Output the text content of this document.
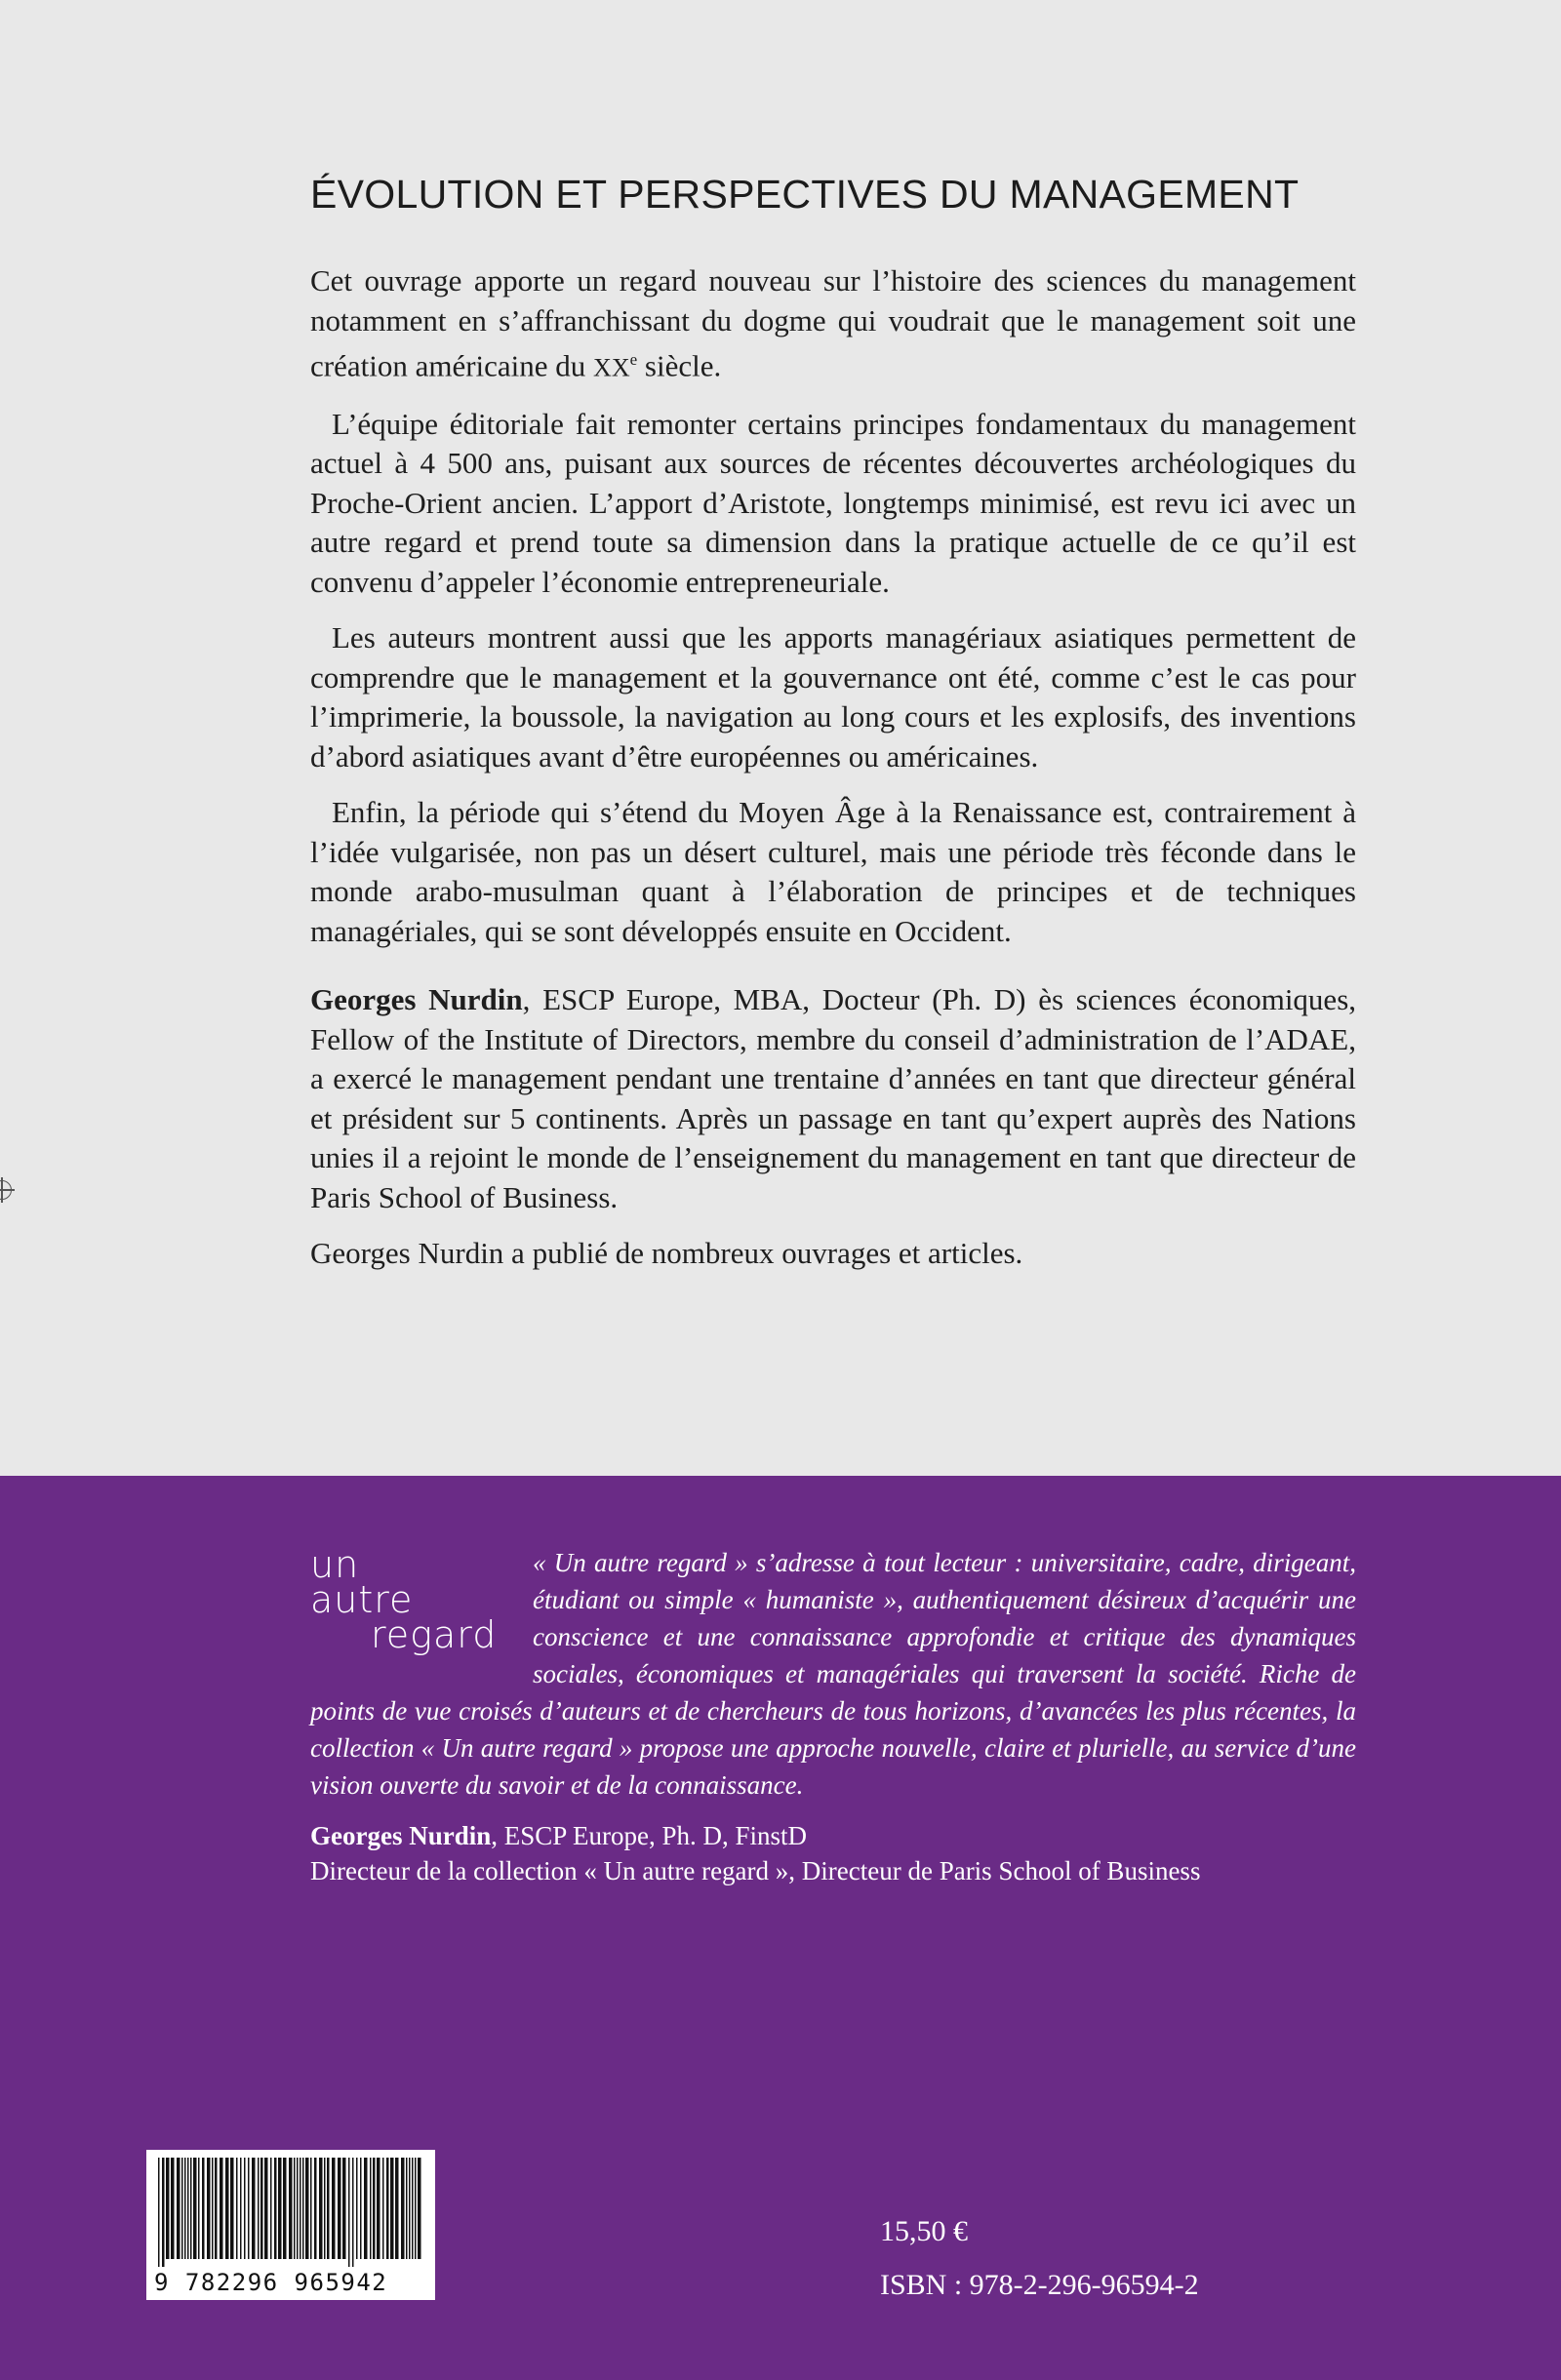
ÉVOLUTION ET PERSPECTIVES DU MANAGEMENT

Cet ouvrage apporte un regard nouveau sur l’histoire des sciences du management notamment en s’affranchissant du dogme qui voudrait que le management soit une création américaine du XXe siècle.

L’équipe éditoriale fait remonter certains principes fondamentaux du management actuel à 4 500 ans, puisant aux sources de récentes découvertes archéologiques du Proche-Orient ancien. L’apport d’Aristote, longtemps minimisé, est revu ici avec un autre regard et prend toute sa dimension dans la pratique actuelle de ce qu’il est convenu d’appeler l’économie entrepreneuriale.

Les auteurs montrent aussi que les apports managériaux asiatiques permettent de comprendre que le management et la gouvernance ont été, comme c’est le cas pour l’imprimerie, la boussole, la navigation au long cours et les explosifs, des inventions d’abord asiatiques avant d’être européennes ou américaines.

Enfin, la période qui s’étend du Moyen Âge à la Renaissance est, contrairement à l’idée vulgarisée, non pas un désert culturel, mais une période très féconde dans le monde arabo-musulman quant à l’élaboration de principes et de techniques managériales, qui se sont développés ensuite en Occident.

Georges Nurdin, ESCP Europe, MBA, Docteur (Ph. D) ès sciences économiques, Fellow of the Institute of Directors, membre du conseil d’administration de l’ADAE, a exercé le management pendant une trentaine d’années en tant que directeur général et président sur 5 continents. Après un passage en tant qu’expert auprès des Nations unies il a rejoint le monde de l’enseignement du management en tant que directeur de Paris School of Business.

Georges Nurdin a publié de nombreux ouvrages et articles.

un
autre
regard
« Un autre regard » s’adresse à tout lecteur : universitaire, cadre, dirigeant, étudiant ou simple « humaniste », authentiquement désireux d’acquérir une conscience et une connaissance approfondie et critique des dynamiques sociales, économiques et managériales qui traversent la société. Riche de points de vue croisés d’auteurs et de chercheurs de tous horizons, d’avancées les plus récentes, la collection « Un autre regard » propose une approche nouvelle, claire et plurielle, au service d’une vision ouverte du savoir et de la connaissance.
Georges Nurdin, ESCP Europe, Ph. D, FinstD
Directeur de la collection « Un autre regard », Directeur de Paris School of Business
9 782296 965942
15,50 €
ISBN : 978-2-296-96594-2
